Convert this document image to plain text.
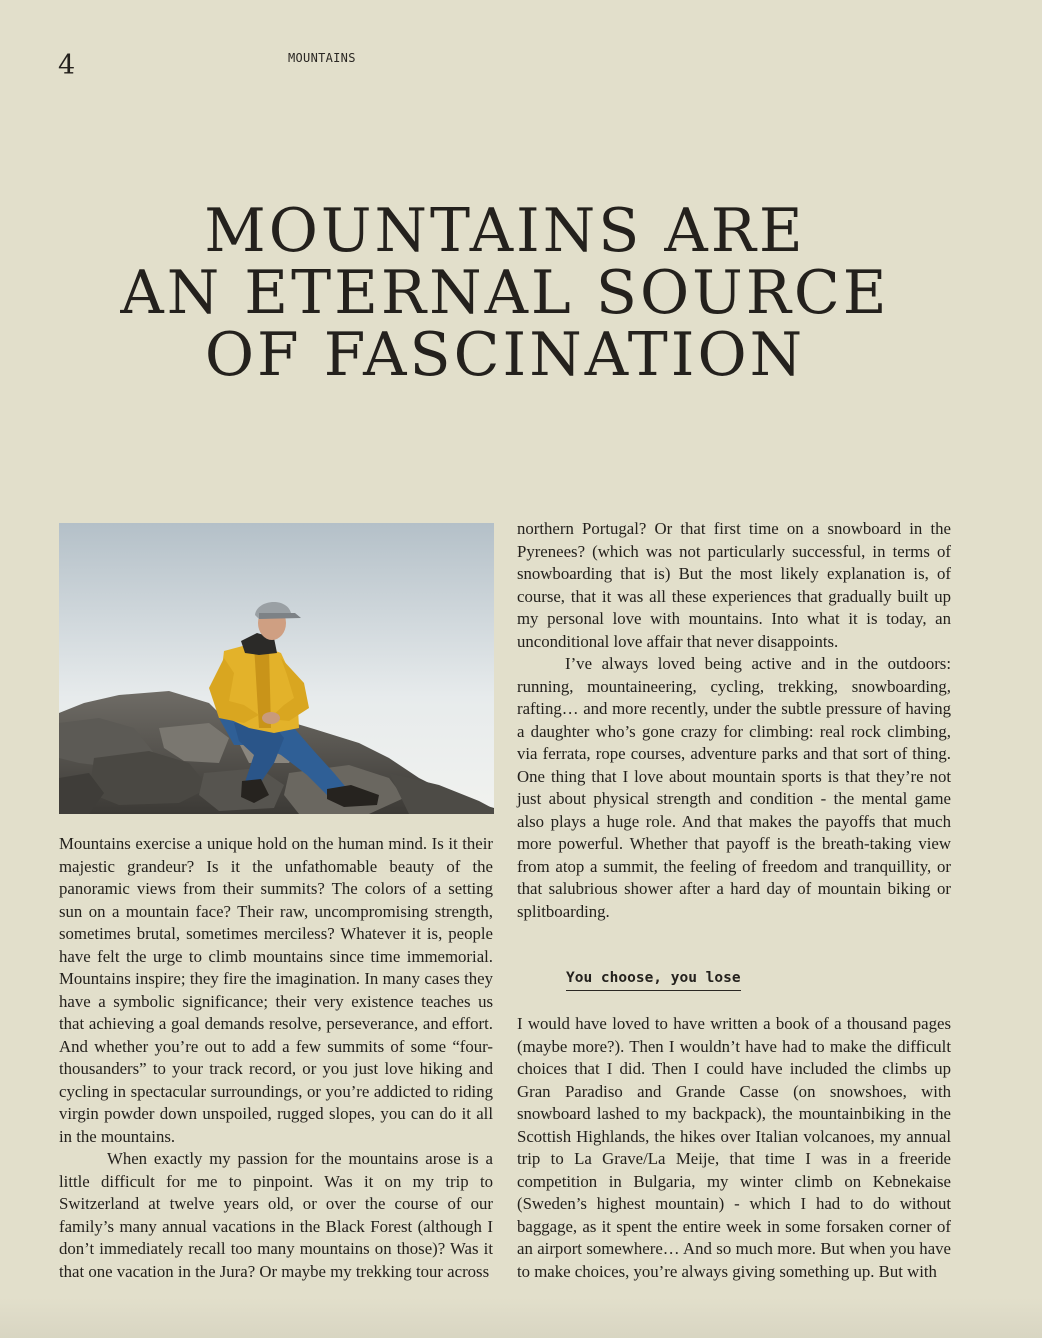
4	MOUNTAINS
MOUNTAINS ARE
AN ETERNAL SOURCE
OF FASCINATION

Mountains exercise a unique hold on the human mind. Is it their majestic grandeur? Is it the unfathomable beauty of the panoramic views from their summits? The colors of a setting sun on a mountain face? Their raw, uncompromising strength, sometimes brutal, sometimes merciless? Whatever it is, people have felt the urge to climb mountains since time immemorial. Mountains inspire; they fire the imagination. In many cases they have a symbolic significance; their very existence teaches us that achieving a goal demands resolve, perseverance, and effort. And whether you’re out to add a few summits of some “four-thousanders” to your track record, or you just love hiking and cycling in spectacular surroundings, or you’re addicted to riding virgin powder down unspoiled, rugged slopes, you can do it all in the mountains.

When exactly my passion for the mountains arose is a little difficult for me to pinpoint. Was it on my trip to Switzerland at twelve years old, or over the course of our family’s many annual vacations in the Black Forest (although I don’t immediately recall too many mountains on those)? Was it that one vacation in the Jura? Or maybe my trekking tour across

northern Portugal? Or that first time on a snowboard in the Pyrenees? (which was not particularly successful, in terms of snowboarding that is) But the most likely explanation is, of course, that it was all these experiences that gradually built up my personal love with mountains. Into what it is today, an unconditional love affair that never disappoints.

I’ve always loved being active and in the outdoors: running, mountaineering, cycling, trekking, snowboarding, rafting… and more recently, under the subtle pressure of having a daughter who’s gone crazy for climbing: real rock climbing, via ferrata, rope courses, adventure parks and that sort of thing. One thing that I love about mountain sports is that they’re not just about physical strength and condition - the mental game also plays a huge role. And that makes the payoffs that much more powerful. Whether that payoff is the breath-taking view from atop a summit, the feeling of freedom and tranquillity, or that salubrious shower after a hard day of mountain biking or splitboarding.

You choose, you lose

I would have loved to have written a book of a thousand pages (maybe more?). Then I wouldn’t have had to make the difficult choices that I did. Then I could have included the climbs up Gran Paradiso and Grande Casse (on snowshoes, with snowboard lashed to my backpack), the mountainbiking in the Scottish Highlands, the hikes over Italian volcanoes, my annual trip to La Grave/La Meije, that time I was in a freeride competition in Bulgaria, my winter climb on Kebnekaise (Sweden’s highest mountain) - which I had to do without baggage, as it spent the entire week in some forsaken corner of an airport somewhere… And so much more. But when you have to make choices, you’re always giving something up. But with
